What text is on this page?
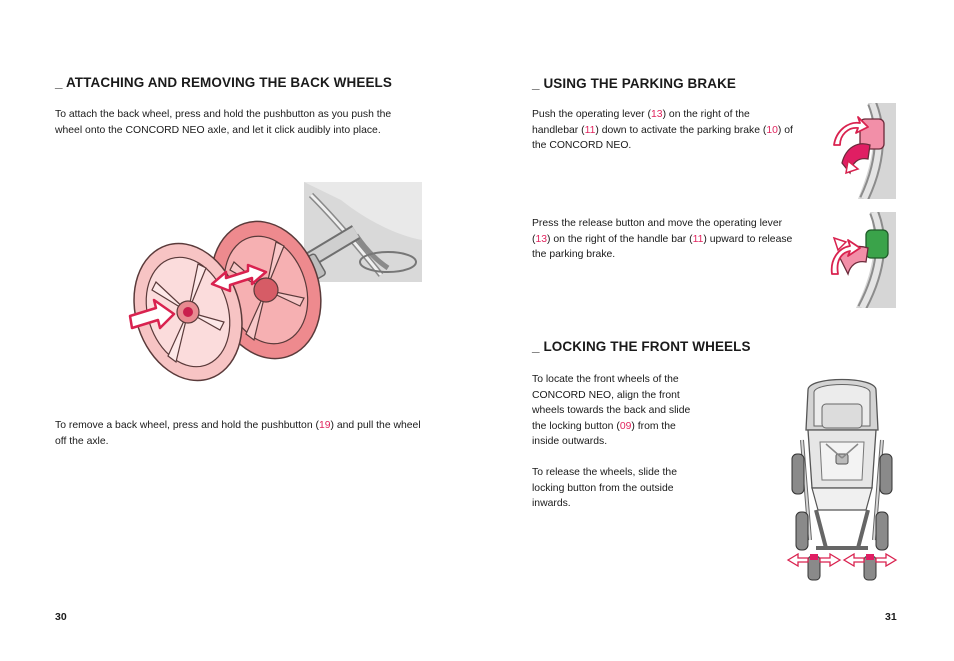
_ ATTACHING AND REMOVING THE BACK WHEELS

To attach the back wheel, press and hold the pushbutton as you push the wheel onto the CONCORD NEO axle, and let it click audibly into place.

To remove a back wheel, press and hold the pushbutton (19) and pull the wheel off the axle.

30
_ USING THE PARKING BRAKE

Push the operating lever (13) on the right of the handlebar (11) down to activate the parking brake (10) of the CONCORD NEO.

Press the release button and move the operating lever (13) on the right of the handle bar (11) upward to release the parking brake.

_ LOCKING THE FRONT WHEELS

To locate the front wheels of the CONCORD NEO, align the front wheels towards the back and slide the locking button (09) from the inside outwards.

To release the wheels, slide the locking button from the outside inwards.

31
